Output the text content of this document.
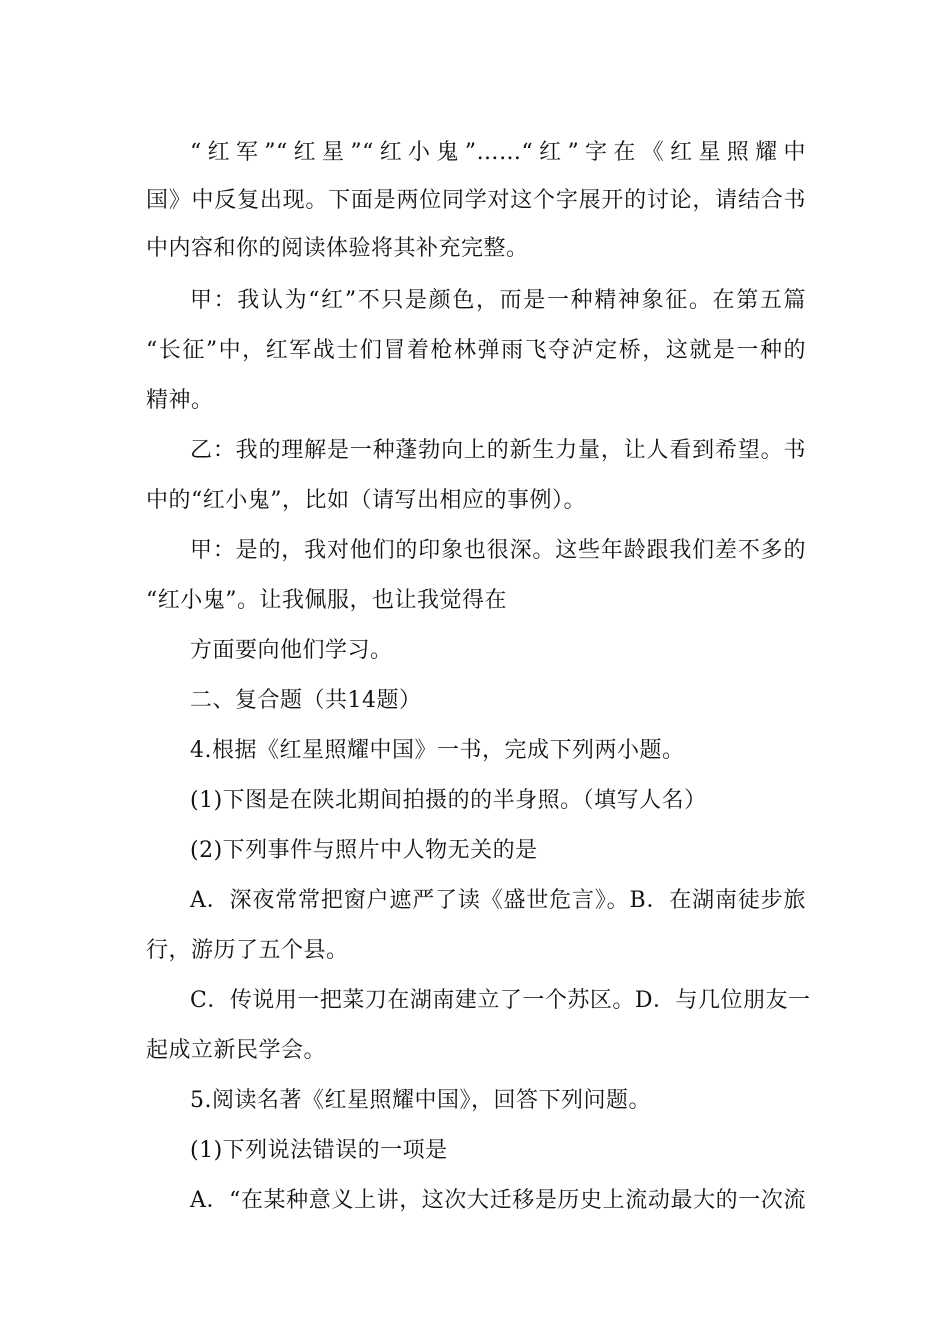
“红军”“红星”“红小鬼”……“红”字在《红星照耀中
国》中反复出现。下面是两位同学对这个字展开的讨论，请结合书
中内容和你的阅读体验将其补充完整。
甲：我认为“红”不只是颜色，而是一种精神象征。在第五篇
“长征”中，红军战士们冒着枪林弹雨飞夺泸定桥，这就是一种的
精神。
乙：我的理解是一种蓬勃向上的新生力量，让人看到希望。书
中的“红小鬼”，比如（请写出相应的事例）。
甲：是的，我对他们的印象也很深。这些年龄跟我们差不多的
“红小鬼”。让我佩服，也让我觉得在
方面要向他们学习。
二、复合题（共14题）
4.根据《红星照耀中国》一书，完成下列两小题。
(1)下图是在陕北期间拍摄的的半身照。（填写人名）
(2)下列事件与照片中人物无关的是
A．深夜常常把窗户遮严了读《盛世危言》。B．在湖南徒步旅
行，游历了五个县。
C．传说用一把菜刀在湖南建立了一个苏区。D．与几位朋友一
起成立新民学会。
5.阅读名著《红星照耀中国》，回答下列问题。
(1)下列说法错误的一项是
A．“在某种意义上讲，这次大迁移是历史上流动最大的一次流
